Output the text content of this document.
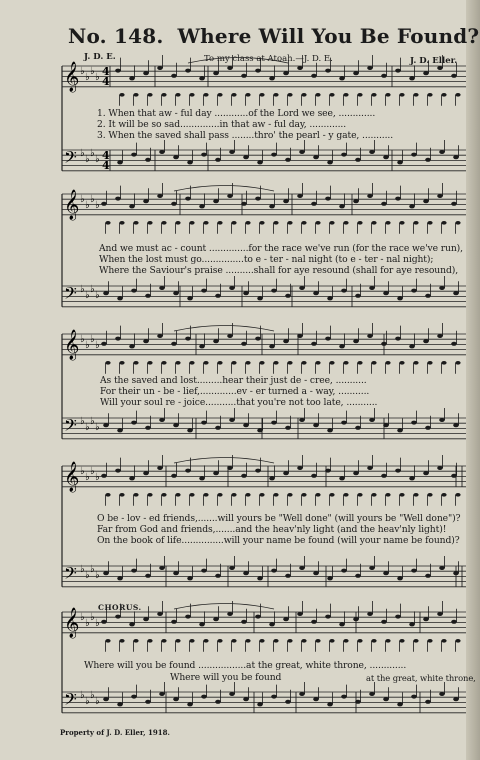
No. 148. Where Will You Be Found?
J. D. E.	To my class at Atoah.—J. D. E.	J. D. Eller.
𝄞
𝄢
♭
♭
♭
♭
♭
♭
♭
♭
4
4
4
4
𝄞
𝄢
♭
♭
♭
♭
♭
♭
♭
♭
𝄞
𝄢
♭
♭
♭
♭
♭
♭
♭
♭
𝄞
𝄢
♭
♭
♭
♭
♭
♭
♭
♭
𝄞
𝄢
♭
♭
♭
♭
♭
♭
♭
♭
1. When that aw - ful day ............of the Lord we see, .............
2. It will be so sad..............in that aw - ful day, .............
3. When the saved shall pass ........thro' the pearl - y gate, ...........
And we must ac - count ..............for the race we've run (for the race we've run),
When the lost must go...............to e - ter - nal night (to e - ter - nal night);
Where the Saviour's praise ..........shall for aye resound (shall for aye resound),
As the saved and lost.........hear their just de - cree, ...........
For their un - be - lief,.............ev - er turned a - way, ...........
Will your soul re - joice...........that you're not too late, ...........
O be - lov - ed friends,.......will yours be "Well done" (will yours be "Well done")?
Far from God and friends,.......and the heav'nly light (and the heav'nly light)!
On the book of life...............will your name be found (will your name be found)?
CHORUS.
Where will you be found .................at the great, white throne, .............
Where will you be found	at the great, white throne,
Property of J. D. Eller, 1918.
